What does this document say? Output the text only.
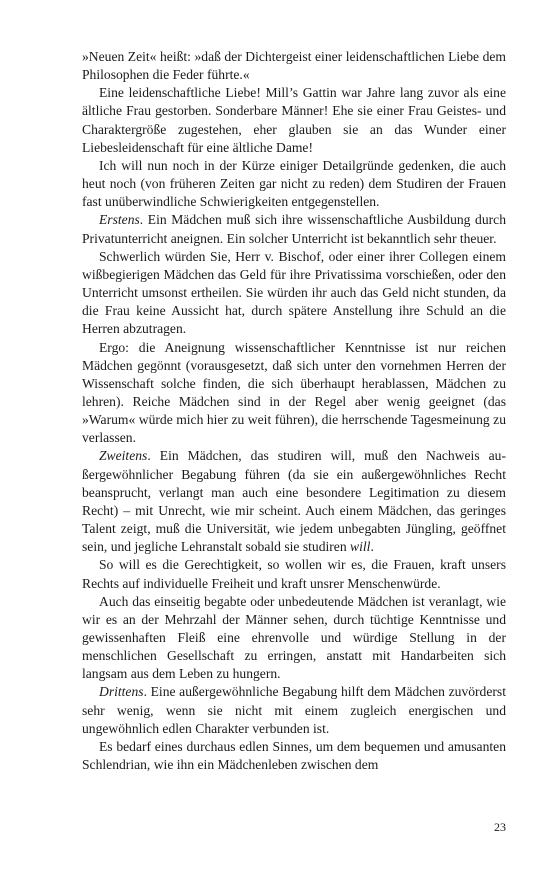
»Neuen Zeit« heißt: »daß der Dichtergeist einer leidenschaftlichen Liebe dem Philosophen die Feder führte.«

Eine leidenschaftliche Liebe! Mill’s Gattin war Jahre lang zuvor als eine ältliche Frau gestorben. Sonderbare Männer! Ehe sie einer Frau Geistes- und Charaktergröße zugestehen, eher glauben sie an das Wunder einer Liebesleidenschaft für eine ältliche Dame!

Ich will nun noch in der Kürze einiger Detailgründe gedenken, die auch heut noch (von früheren Zeiten gar nicht zu reden) dem Studiren der Frauen fast unüberwindliche Schwierigkeiten entgegenstellen.

Erstens. Ein Mädchen muß sich ihre wissenschaftliche Ausbildung durch Privatunterricht aneignen. Ein solcher Unterricht ist bekanntlich sehr theuer.

Schwerlich würden Sie, Herr v. Bischof, oder einer ihrer Collegen einem wißbegierigen Mädchen das Geld für ihre Privatissima vorschießen, oder den Unterricht umsonst ertheilen. Sie würden ihr auch das Geld nicht stunden, da die Frau keine Aussicht hat, durch spätere Anstellung ihre Schuld an die Herren abzutragen.

Ergo: die Aneignung wissenschaftlicher Kenntnisse ist nur reichen Mädchen gegönnt (vorausgesetzt, daß sich unter den vornehmen Herren der Wissenschaft solche finden, die sich überhaupt herablassen, Mädchen zu lehren). Reiche Mädchen sind in der Regel aber wenig geeignet (das »Warum« würde mich hier zu weit führen), die herrschende Tagesmeinung zu verlassen.

Zweitens. Ein Mädchen, das studiren will, muß den Nachweis außergewöhnlicher Begabung führen (da sie ein außergewöhnliches Recht beansprucht, verlangt man auch eine besondere Legitimation zu diesem Recht) – mit Unrecht, wie mir scheint. Auch einem Mädchen, das geringes Talent zeigt, muß die Universität, wie jedem unbegabten Jüngling, geöffnet sein, und jegliche Lehranstalt sobald sie studiren will.

So will es die Gerechtigkeit, so wollen wir es, die Frauen, kraft unsers Rechts auf individuelle Freiheit und kraft unsrer Menschenwürde.

Auch das einseitig begabte oder unbedeutende Mädchen ist veranlagt, wie wir es an der Mehrzahl der Männer sehen, durch tüchtige Kenntnisse und gewissenhaften Fleiß eine ehrenvolle und würdige Stellung in der menschlichen Gesellschaft zu erringen, anstatt mit Handarbeiten sich langsam aus dem Leben zu hungern.

Drittens. Eine außergewöhnliche Begabung hilft dem Mädchen zuvörderst sehr wenig, wenn sie nicht mit einem zugleich energischen und ungewöhnlich edlen Charakter verbunden ist.

Es bedarf eines durchaus edlen Sinnes, um dem bequemen und amusanten Schlendrian, wie ihn ein Mädchenleben zwischen dem

23
